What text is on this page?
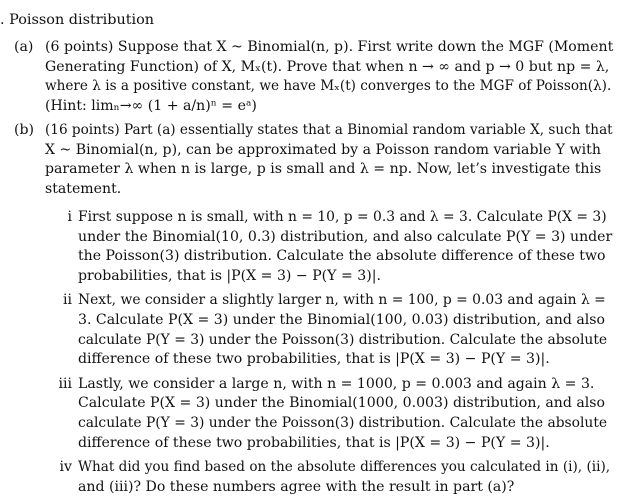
. Poisson distribution
(a) (6 points) Suppose that X ~ Binomial(n, p). First write down the MGF (Moment
Generating Function) of X, Mₓ(t). Prove that when n → ∞ and p → 0 but np = λ,
where λ is a positive constant, we have Mₓ(t) converges to the MGF of Poisson(λ).
(Hint: limₙ→∞ (1 + a/n)ⁿ = eᵃ)
(b) (16 points) Part (a) essentially states that a Binomial random variable X, such that
X ~ Binomial(n, p), can be approximated by a Poisson random variable Y with
parameter λ when n is large, p is small and λ = np. Now, let’s investigate this
statement.
i First suppose n is small, with n = 10, p = 0.3 and λ = 3. Calculate P(X = 3)
under the Binomial(10, 0.3) distribution, and also calculate P(Y = 3) under
the Poisson(3) distribution. Calculate the absolute difference of these two
probabilities, that is |P(X = 3) − P(Y = 3)|.
ii Next, we consider a slightly larger n, with n = 100, p = 0.03 and again λ =
3. Calculate P(X = 3) under the Binomial(100, 0.03) distribution, and also
calculate P(Y = 3) under the Poisson(3) distribution. Calculate the absolute
difference of these two probabilities, that is |P(X = 3) − P(Y = 3)|.
iii Lastly, we consider a large n, with n = 1000, p = 0.003 and again λ = 3.
Calculate P(X = 3) under the Binomial(1000, 0.003) distribution, and also
calculate P(Y = 3) under the Poisson(3) distribution. Calculate the absolute
difference of these two probabilities, that is |P(X = 3) − P(Y = 3)|.
iv What did you find based on the absolute differences you calculated in (i), (ii),
and (iii)? Do these numbers agree with the result in part (a)?
